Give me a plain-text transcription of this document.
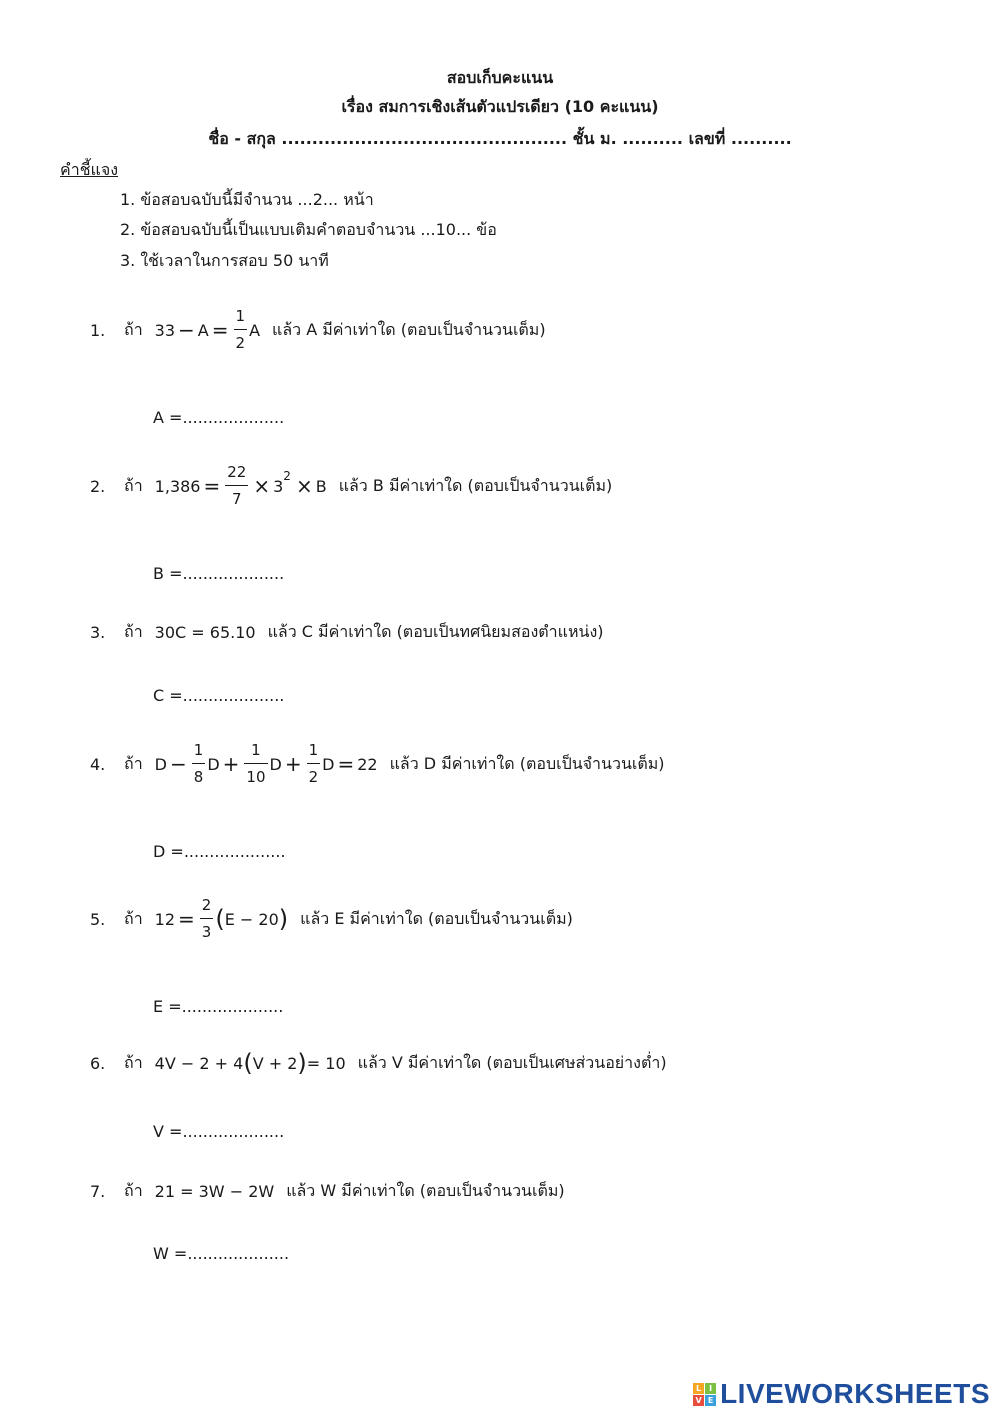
สอบเก็บคะแนน
เรื่อง สมการเชิงเส้นตัวแปรเดียว (10 คะแนน)
ชื่อ - สกุล ............................................... ชั้น ม. .......... เลขที่ ..........
คำชี้แจง
1. ข้อสอบฉบับนี้มีจำนวน ...2... หน้า
2. ข้อสอบฉบับนี้เป็นแบบเติมคำตอบจำนวน ...10... ข้อ
3. ใช้เวลาในการสอบ 50 นาที
1.	ถ้า $33 - A = \frac{1}{2}$ A แล้ว A มีค่าเท่าใด (ตอบเป็นจำนวนเต็ม)
A =....................
2.	ถ้า $1,386 = \frac{22}{7} \times 3$
2 × B แล้ว B มีค่าเท่าใด (ตอบเป็นจำนวนเต็ม)
B =....................
3.	ถ้า 30C = 65.10 แล้ว C มีค่าเท่าใด (ตอบเป็นทศนิยมสองตำแหน่ง)
C =....................
4.	ถ้า $D - \frac{1}{8}$ $D + \frac{1}{10}$ $D + \frac{1}{2}$ D = 22 แล้ว D มีค่าเท่าใด (ตอบเป็นจำนวนเต็ม)
D =....................
5.	ถ้า $12 = \frac{2}{3}$ ( E − 20 ) แล้ว E มีค่าเท่าใด (ตอบเป็นจำนวนเต็ม)
E =....................
6.	ถ้า 4V − 2 + 4 ( V + 2 ) = 10 แล้ว V มีค่าเท่าใด (ตอบเป็นเศษส่วนอย่างต่ำ)
V =....................
7.	ถ้า 21 = 3W − 2W แล้ว W มีค่าเท่าใด (ตอบเป็นจำนวนเต็ม)
W =....................
L I
V E LIVEWORKSHEETS
